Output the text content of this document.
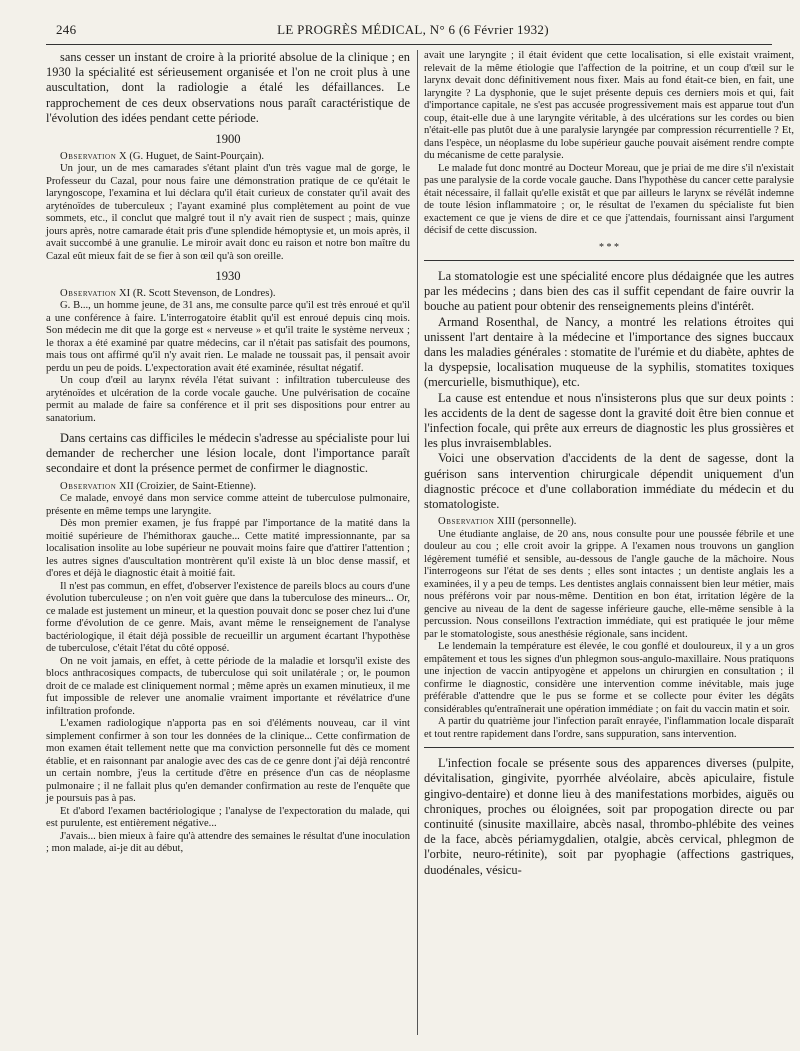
246	LE PROGRÈS MÉDICAL, N° 6 (6 Février 1932)

sans cesser un instant de croire à la priorité absolue de la clinique ; en 1930 la spécialité est sérieusement organisée et l'on ne croit plus à une auscultation, dont la radiologie a étalé les défaillances. Le rapprochement de ces deux observations nous paraît caractéristique de l'évolution des idées pendant cette période.

1900

Observation X (G. Huguet, de Saint-Pourçain).

Un jour, un de mes camarades s'étant plaint d'un très vague mal de gorge, le Professeur du Cazal, pour nous faire une démonstration pratique de ce qu'était le laryngoscope, l'examina et lui déclara qu'il était curieux de constater qu'il avait des aryténoïdes de tuberculeux ; l'ayant examiné plus complètement au point de vue sommets, etc., il conclut que malgré tout il n'y avait rien de suspect ; mais, quinze jours après, notre camarade était pris d'une splendide hémoptysie et, un mois après, il avait succombé à une granulie. Le miroir avait donc eu raison et notre bon maître du Cazal eût mieux fait de se fier à son œil qu'à son oreille.

1930

Observation XI (R. Scott Stevenson, de Londres).

G. B..., un homme jeune, de 31 ans, me consulte parce qu'il est très enroué et qu'il a une conférence à faire. L'interrogatoire établit qu'il est enroué depuis cinq mois. Son médecin me dit que la gorge est « nerveuse » et qu'il traite le système nerveux ; le thorax a été examiné par quatre médecins, car il n'était pas satisfait des poumons, mais tous ont affirmé qu'il n'y avait rien. Le malade ne toussait pas, il pensait avoir perdu un peu de poids. L'expectoration avait été examinée, résultat négatif.

Un coup d'œil au larynx révéla l'état suivant : infiltration tuberculeuse des aryténoïdes et ulcération de la corde vocale gauche. Une pulvérisation de cocaïne permit au malade de faire sa conférence et il prit ses dispositions pour entrer au sanatorium.

Dans certains cas difficiles le médecin s'adresse au spécialiste pour lui demander de rechercher une lésion locale, dont l'importance paraît secondaire et dont la présence permet de confirmer le diagnostic.

Observation XII (Croizier, de Saint-Etienne).

Ce malade, envoyé dans mon service comme atteint de tuberculose pulmonaire, présente en même temps une laryngite.

Dès mon premier examen, je fus frappé par l'importance de la matité dans la moitié supérieure de l'hémithorax gauche... Cette matité impressionnante, par sa localisation insolite au lobe supérieur ne pouvait moins faire que d'attirer l'attention ; les autres signes d'auscultation montrèrent qu'il existe là un bloc dense massif, et d'ores et déjà le diagnostic était à moitié fait.

Il n'est pas commun, en effet, d'observer l'existence de pareils blocs au cours d'une évolution tuberculeuse ; on n'en voit guère que dans la tuberculose des mineurs... Or, ce malade est justement un mineur, et la question pouvait donc se poser chez lui d'une forme d'évolution de ce genre. Mais, avant même le renseignement de l'analyse bactériologique, il était déjà possible de recueillir un argument écartant l'hypothèse de tuberculose, c'était l'état du côté opposé.

On ne voit jamais, en effet, à cette période de la maladie et lorsqu'il existe des blocs anthracosiques compacts, de tuberculose qui soit unilatérale ; or, le poumon droit de ce malade est cliniquement normal ; même après un examen minutieux, il me fut impossible de relever une anomalie vraiment importante et révélatrice d'une infiltration profonde.

L'examen radiologique n'apporta pas en soi d'éléments nouveau, car il vint simplement confirmer à son tour les données de la clinique... Cette confirmation de mon examen était tellement nette que ma conviction personnelle fut dès ce moment établie, et en raisonnant par analogie avec des cas de ce genre dont j'ai déjà rencontré un certain nombre, j'eus la certitude d'être en présence d'un cas de néoplasme pulmonaire ; il ne fallait plus qu'en demander confirmation au reste de l'enquête que je poursuis pas à pas.

Et d'abord l'examen bactériologique ; l'analyse de l'expectoration du malade, qui est purulente, est entièrement négative...

J'avais... bien mieux à faire qu'à attendre des semaines le résultat d'une inoculation ; mon malade, ai-je dit au début,

avait une laryngite ; il était évident que cette localisation, si elle existait vraiment, relevait de la même étiologie que l'affection de la poitrine, et un coup d'œil sur le larynx devait donc définitivement nous fixer. Mais au fond était-ce bien, en fait, une laryngite ? La dysphonie, que le sujet présente depuis ces derniers mois et qui, fait d'importance capitale, ne s'est pas accusée progressivement mais est apparue tout d'un coup, était-elle due à une laryngite véritable, à des ulcérations sur les cordes ou bien n'était-elle pas plutôt due à une paralysie laryngée par compression récurrentielle ? Et, dans l'espèce, un néoplasme du lobe supérieur gauche pouvait aisément rendre compte du mécanisme de cette paralysie.

Le malade fut donc montré au Docteur Moreau, que je priai de me dire s'il n'existait pas une paralysie de la corde vocale gauche. Dans l'hypothèse du cancer cette paralysie était nécessaire, il fallait qu'elle existât et que par ailleurs le larynx se révélât indemne de toute lésion inflammatoire ; or, le résultat de l'examen du spécialiste fut bien exactement ce que je viens de dire et ce que j'attendais, fournissant ainsi l'argument décisif de cette discussion.

* * *

La stomatologie est une spécialité encore plus dédaignée que les autres par les médecins ; dans bien des cas il suffit cependant de faire ouvrir la bouche au patient pour obtenir des renseignements pleins d'intérêt.

Armand Rosenthal, de Nancy, a montré les relations étroites qui unissent l'art dentaire à la médecine et l'importance des signes buccaux dans les maladies générales : stomatite de l'urémie et du diabète, aphtes de la dyspepsie, localisation muqueuse de la syphilis, stomatites toxiques (mercurielle, bismuthique), etc.

La cause est entendue et nous n'insisterons plus que sur deux points : les accidents de la dent de sagesse dont la gravité doit être bien connue et l'infection focale, qui prête aux erreurs de diagnostic les plus grossières et les plus invraisemblables.

Voici une observation d'accidents de la dent de sagesse, dont la guérison sans intervention chirurgicale dépendit uniquement d'un diagnostic précoce et d'une collaboration immédiate du médecin et du stomatologiste.

Observation XIII (personnelle).

Une étudiante anglaise, de 20 ans, nous consulte pour une poussée fébrile et une douleur au cou ; elle croit avoir la grippe. A l'examen nous trouvons un ganglion légèrement tuméfié et sensible, au-dessous de l'angle gauche de la mâchoire. Nous l'interrogeons sur l'état de ses dents ; elles sont intactes ; un dentiste anglais les a examinées, il y a peu de temps. Les dentistes anglais connaissent bien leur métier, mais nous préférons voir par nous-même. Dentition en bon état, irritation légère de la gencive au niveau de la dent de sagesse inférieure gauche, elle-même sensible à la percussion. Nous conseillons l'extraction immédiate, qui est pratiquée le jour même par le stomatologiste, sous anesthésie régionale, sans incident.

Le lendemain la température est élevée, le cou gonflé et douloureux, il y a un gros empâtement et tous les signes d'un phlegmon sous-angulo-maxillaire. Nous pratiquons une injection de vaccin antipyogène et appelons un chirurgien en consultation ; il confirme le diagnostic, considère une intervention comme inévitable, mais juge préférable d'attendre que le pus se forme et se collecte pour éviter les dégâts considérables qu'entraînerait une opération immédiate ; on fait du vaccin matin et soir.

A partir du quatrième jour l'infection paraît enrayée, l'inflammation locale disparaît et tout rentre rapidement dans l'ordre, sans suppuration, sans intervention.

L'infection focale se présente sous des apparences diverses (pulpite, dévitalisation, gingivite, pyorrhée alvéolaire, abcès apiculaire, fistule gingivo-dentaire) et donne lieu à des manifestations morbides, aiguës ou chroniques, proches ou éloignées, soit par propogation directe ou par continuité (sinusite maxillaire, abcès nasal, thrombo-phlébite des veines de la face, abcès périamygdalien, otalgie, abcès cervical, phlegmon de l'orbite, neuro-rétinite), soit par pyophagie (affections gastriques, duodénales, vésicu-
